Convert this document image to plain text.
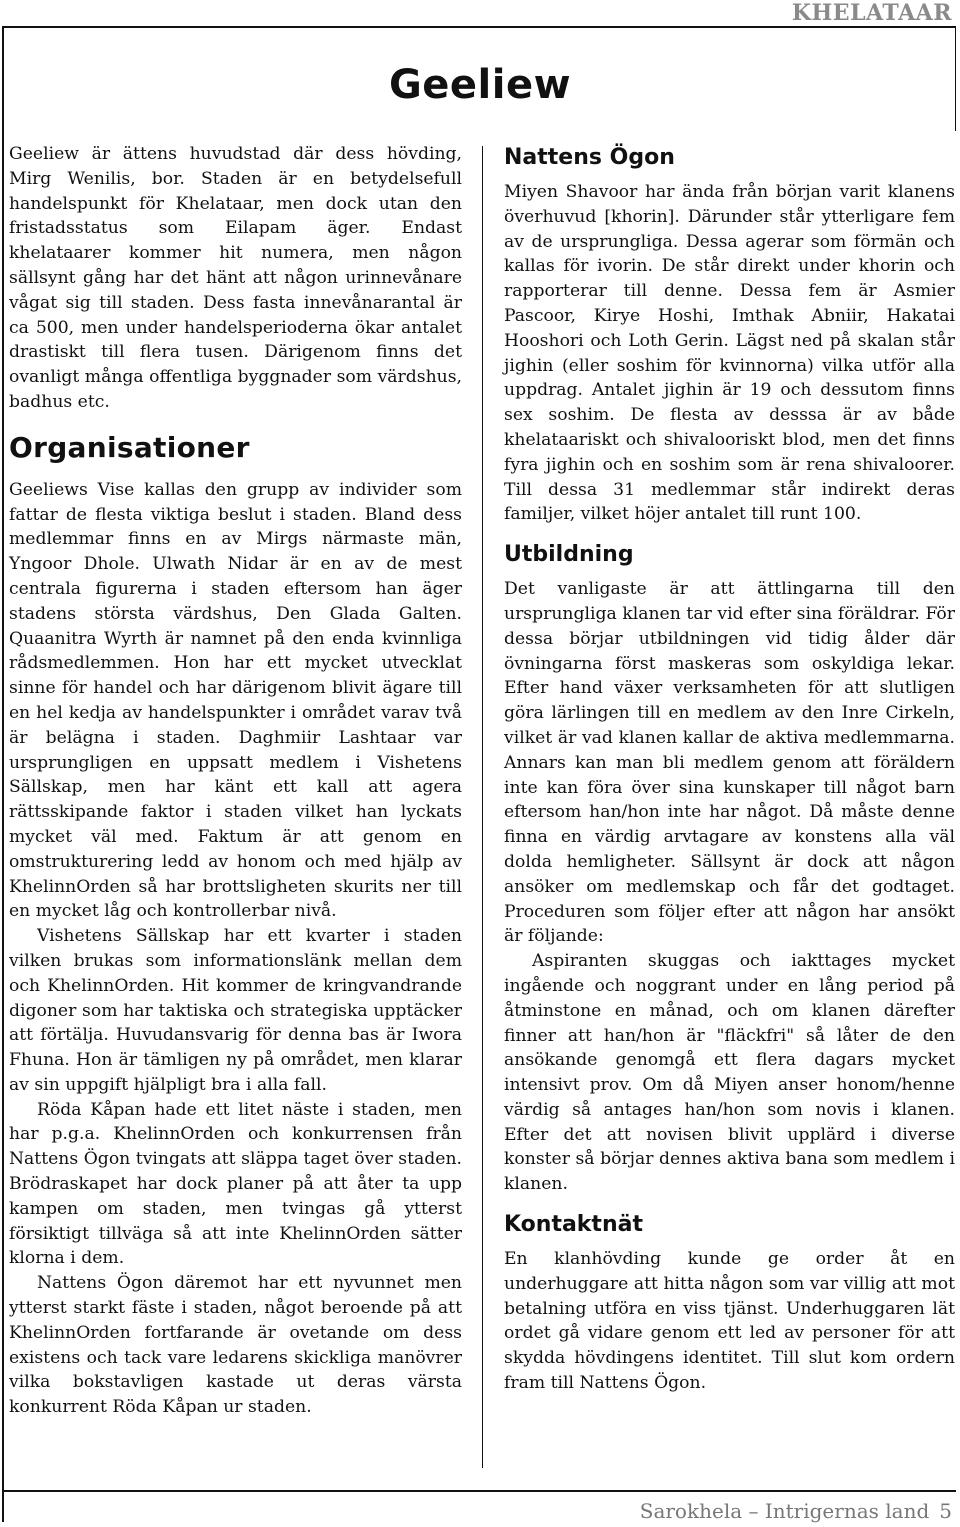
KHELATAAR
Geeliew

Geeliew är ättens huvudstad där dess hövding, Mirg Wenilis, bor. Staden är en betydelsefull handelspunkt för Khelataar, men dock utan den fristadsstatus som Eilapam äger. Endast khelataarer kommer hit numera, men någon sällsynt gång har det hänt att någon urinnevånare vågat sig till staden. Dess fasta innevånarantal är ca 500, men under handelsperioderna ökar antalet drastiskt till flera tusen. Därigenom finns det ovanligt många offentliga byggnader som värdshus, badhus etc.

Organisationer

Geeliews Vise kallas den grupp av individer som fattar de flesta viktiga beslut i staden. Bland dess medlemmar finns en av Mirgs närmaste män, Yngoor Dhole. Ulwath Nidar är en av de mest centrala figurerna i staden eftersom han äger stadens största värdshus, Den Glada Galten. Quaanitra Wyrth är namnet på den enda kvinnliga rådsmedlemmen. Hon har ett mycket utvecklat sinne för handel och har därigenom blivit ägare till en hel kedja av handelspunkter i området varav två är belägna i staden. Daghmiir Lashtaar var ursprungligen en uppsatt medlem i Vishetens Sällskap, men har känt ett kall att agera rättsskipande faktor i staden vilket han lyckats mycket väl med. Faktum är att genom en omstrukturering ledd av honom och med hjälp av KhelinnOrden så har brottsligheten skurits ner till en mycket låg och kontrollerbar nivå.

Vishetens Sällskap har ett kvarter i staden vilken brukas som informationslänk mellan dem och KhelinnOrden. Hit kommer de kringvandrande digoner som har taktiska och strategiska upptäcker att förtälja. Huvudansvarig för denna bas är Iwora Fhuna. Hon är tämligen ny på området, men klarar av sin uppgift hjälpligt bra i alla fall.

Röda Kåpan hade ett litet näste i staden, men har p.g.a. KhelinnOrden och konkurrensen från Nattens Ögon tvingats att släppa taget över staden. Brödraskapet har dock planer på att åter ta upp kampen om staden, men tvingas gå ytterst försiktigt tillväga så att inte KhelinnOrden sätter klorna i dem.

Nattens Ögon däremot har ett nyvunnet men ytterst starkt fäste i staden, något beroende på att KhelinnOrden fortfarande är ovetande om dess existens och tack vare ledarens skickliga manövrer vilka bokstavligen kastade ut deras värsta konkurrent Röda Kåpan ur staden.

Nattens Ögon

Miyen Shavoor har ända från början varit klanens överhuvud [khorin]. Därunder står ytterligare fem av de ursprungliga. Dessa agerar som förmän och kallas för ivorin. De står direkt under khorin och rapporterar till denne. Dessa fem är Asmier Pascoor, Kirye Hoshi, Imthak Abniir, Hakatai Hooshori och Loth Gerin. Lägst ned på skalan står jighin (eller soshim för kvinnorna) vilka utför alla uppdrag. Antalet jighin är 19 och dessutom finns sex soshim. De flesta av desssa är av både khelataariskt och shivalooriskt blod, men det finns fyra jighin och en soshim som är rena shivaloorer. Till dessa 31 medlemmar står indirekt deras familjer, vilket höjer antalet till runt 100.

Utbildning

Det vanligaste är att ättlingarna till den ursprungliga klanen tar vid efter sina föräldrar. För dessa börjar utbildningen vid tidig ålder där övningarna först maskeras som oskyldiga lekar. Efter hand växer verksamheten för att slutligen göra lärlingen till en medlem av den Inre Cirkeln, vilket är vad klanen kallar de aktiva medlemmarna. Annars kan man bli medlem genom att föräldern inte kan föra över sina kunskaper till något barn eftersom han/hon inte har något. Då måste denne finna en värdig arvtagare av konstens alla väl dolda hemligheter. Sällsynt är dock att någon ansöker om medlemskap och får det godtaget. Proceduren som följer efter att någon har ansökt är följande:

Aspiranten skuggas och iakttages mycket ingående och noggrant under en lång period på åtminstone en månad, och om klanen därefter finner att han/hon är "fläckfri" så låter de den ansökande genomgå ett flera dagars mycket intensivt prov. Om då Miyen anser honom/henne värdig så antages han/hon som novis i klanen. Efter det att novisen blivit upplärd i diverse konster så börjar dennes aktiva bana som medlem i klanen.

Kontaktnät

En klanhövding kunde ge order åt en underhuggare att hitta någon som var villig att mot betalning utföra en viss tjänst. Underhuggaren lät ordet gå vidare genom ett led av personer för att skydda hövdingens identitet. Till slut kom ordern fram till Nattens Ögon.

Sarokhela – Intrigernas land 5
